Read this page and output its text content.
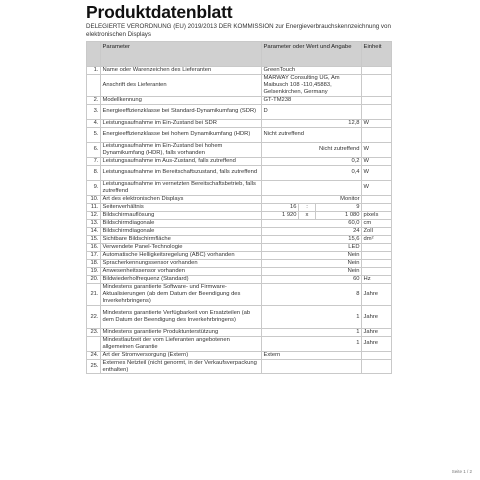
Produktdatenblatt
DELEGIERTE VERORDNUNG (EU) 2019/2013 DER KOMMISSION zur Energieverbrauchskennzeichnung von elektronischen Displays
	Parameter	Parameter oder Wert und Angabe			Einheit
1.	Name oder Warenzeichen des Lieferanten	GreenTouch			
	Anschrift des Lieferanten	MARWAY Consulting UG, Am Maibusch 108 -110,45883, Gelsenkirchen, Germany			
2.	Modellkennung	GT-TM238			
3.	Energieeffizienzklasse bei Standard-Dynamikumfang (SDR)	D			
4.	Leistungsaufnahme im Ein-Zustand bei SDR	12,8			W
5.	Energieeffizienzklasse bei hohem Dynamikumfang (HDR)	Nicht zutreffend			
6.	Leistungsaufnahme im Ein-Zustand bei hohem Dynamikumfang (HDR), falls vorhanden	Nicht zutreffend			W
7.	Leistungsaufnahme im Aus-Zustand, falls zutreffend	0,2			W
8.	Leistungsaufnahme im Bereitschaftszustand, falls zutreffend	0,4			W
9.	Leistungsaufnahme im vernetzten Bereitschaftsbetrieb, falls zutreffend				W
10.	Art des elektronischen Displays	Monitor			
11.	Seitenverhältnis	16	:	9	
12.	Bildschirmauflösung	1 920	x	1 080	pixels
13.	Bildschirmdiagonale	60,0			cm
14.	Bildschirmdiagonale	24			Zoll
15.	Sichtbare Bildschirmfläche	15,6			dm²
16.	Verwendete Panel-Technologie	LED			
17.	Automatische Helligkeitsregelung (ABC) vorhanden	Nein			
18.	Spracherkennungssensor vorhanden	Nein			
19.	Anwesenheitssensor vorhanden	Nein			
20.	Bildwiederholfrequenz (Standard)	60			Hz
21.	Mindestens garantierte Software- und Firmware-Aktualisierungen (ab dem Datum der Beendigung des Inverkehrbringens)	8			Jahre
22.	Mindestens garantierte Verfügbarkeit von Ersatzteilen (ab dem Datum der Beendigung des Inverkehrbringens)	1			Jahre
23.	Mindestens garantierte Produktunterstützung	1			Jahre
	Mindestlaufzeit der vom Lieferanten angebotenen allgemeinen Garantie	1			Jahre
24.	Art der Stromversorgung (Extern)	Extern			
25.	Externes Netzteil (nicht genormt, in der Verkaufsverpackung enthalten)				
Seite 1 / 2
